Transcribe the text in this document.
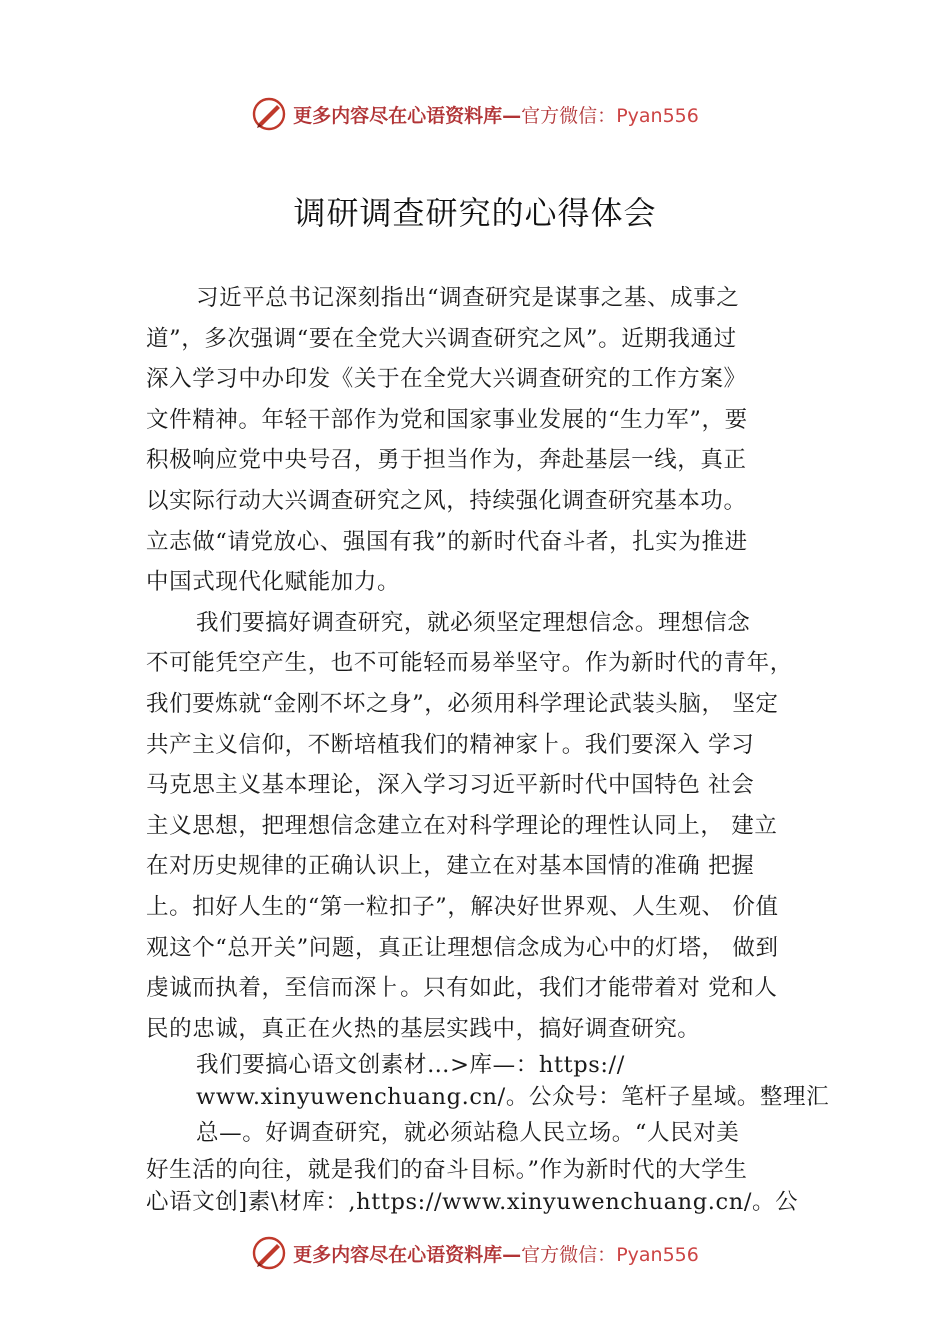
更多内容尽在心语资料库—官方微信：Pyan556
调研调查研究的心得体会
习近平总书记深刻指出“调查研究是谋事之基、成事之
道”，多次强调“要在全党大兴调查研究之风”。近期我通过
深入学习中办印发《关于在全党大兴调查研究的工作方案》
文件精神。年轻干部作为党和国家事业发展的“生力军”，要
积极响应党中央号召，勇于担当作为，奔赴基层一线，真正
以实际行动大兴调查研究之风，持续强化调查研究基本功。
立志做“请党放心、强国有我”的新时代奋斗者，扎实为推进
中国式现代化赋能加力。
我们要搞好调查研究，就必须坚定理想信念。理想信念
不可能凭空产生，也不可能轻而易举坚守。作为新时代的青年，
我们要炼就“金刚不坏之身”，必须用科学理论武装头脑， 坚定
共产主义信仰，不断培植我们的精神家⺊。我们要深入 学习
马克思主义基本理论，深入学习习近平新时代中国特色 社会
主义思想，把理想信念建立在对科学理论的理性认同上， 建立
在对历史规律的正确认识上，建立在对基本国情的准确 把握
上。扣好人生的“第一粒扣子”，解决好世界观、人生观、 价值
观这个“总开关”问题，真正让理想信念成为心中的灯塔， 做到
虔诚而执着，至信而深⺊。只有如此，我们才能带着对 党和人
民的忠诚，真正在火热的基层实践中，搞好调查研究。
我们要搞心语文创素材…>库—：https://
www.xinyuwenchuang.cn/。公众号：笔杆子星域。整理汇
总—。好调查研究，就必须站稳人民立场。“人民对美
好生活的向往，就是我们的奋斗目标。”作为新时代的大学生
心语文创]素\材库：,https://www.xinyuwenchuang.cn/。公
更多内容尽在心语资料库—官方微信：Pyan556
